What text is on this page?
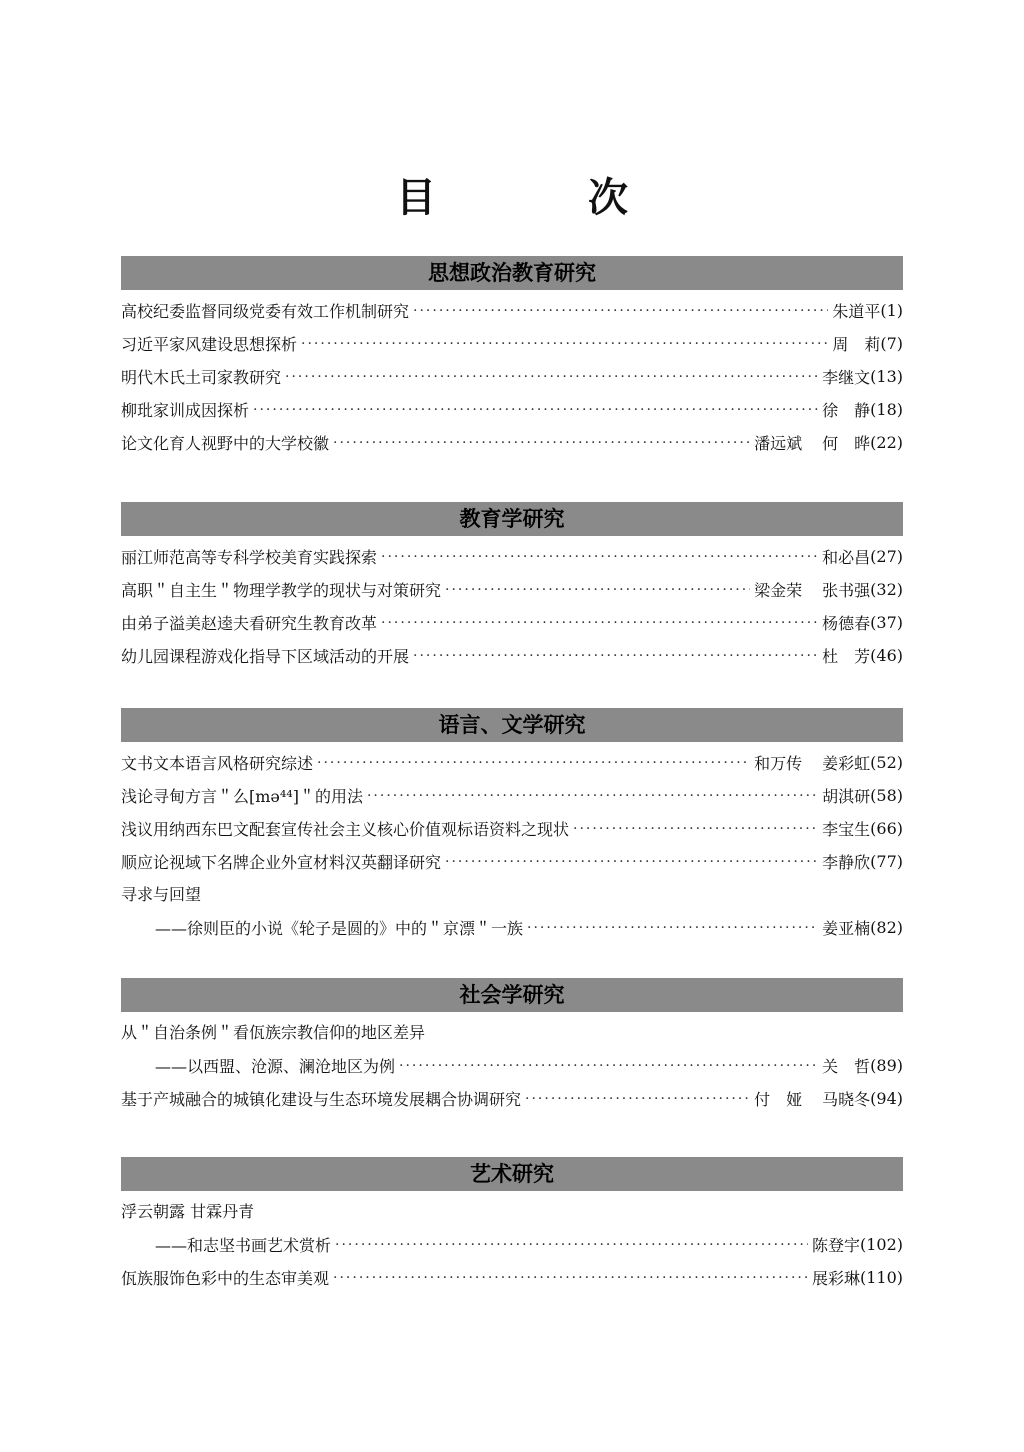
目　次
思想政治教育研究
高校纪委监督同级党委有效工作机制研究 ·····	朱道平 (1)
习近平家风建设思想探析 ·····	周　莉 (7)
明代木氏土司家教研究 ·····	李继文 (13)
柳玭家训成因探析 ·····	徐　静 (18)
论文化育人视野中的大学校徽 ·····	潘远斌 何　晔 (22)
教育学研究
丽江师范高等专科学校美育实践探索 ·····	和必昌 (27)
高职＂自主生＂物理学教学的现状与对策研究 ·····	梁金荣 张书强 (32)
由弟子溢美赵逵夫看研究生教育改革 ·····	杨德春 (37)
幼儿园课程游戏化指导下区域活动的开展 ·····	杜　芳 (46)
语言、文学研究
文书文本语言风格研究综述 ·····	和万传 姜彩虹 (52)
浅论寻甸方言＂么[mə⁴⁴]＂的用法 ·····	胡淇研 (58)
浅议用纳西东巴文配套宣传社会主义核心价值观标语资料之现状 ·····	李宝生 (66)
顺应论视域下名牌企业外宣材料汉英翻译研究 ·····	李静欣 (77)
寻求与回望
——徐则臣的小说《轮子是圆的》中的＂京漂＂一族 ·····	姜亚楠 (82)
社会学研究
从＂自治条例＂看佤族宗教信仰的地区差异
——以西盟、沧源、澜沧地区为例 ·····	关　哲 (89)
基于产城融合的城镇化建设与生态环境发展耦合协调研究 ·····	付　娅 马晓冬 (94)
艺术研究
浮云朝露 甘霖丹青
——和志坚书画艺术赏析 ·····	陈登宇 (102)
佤族服饰色彩中的生态审美观 ·····	展彩琳 (110)
